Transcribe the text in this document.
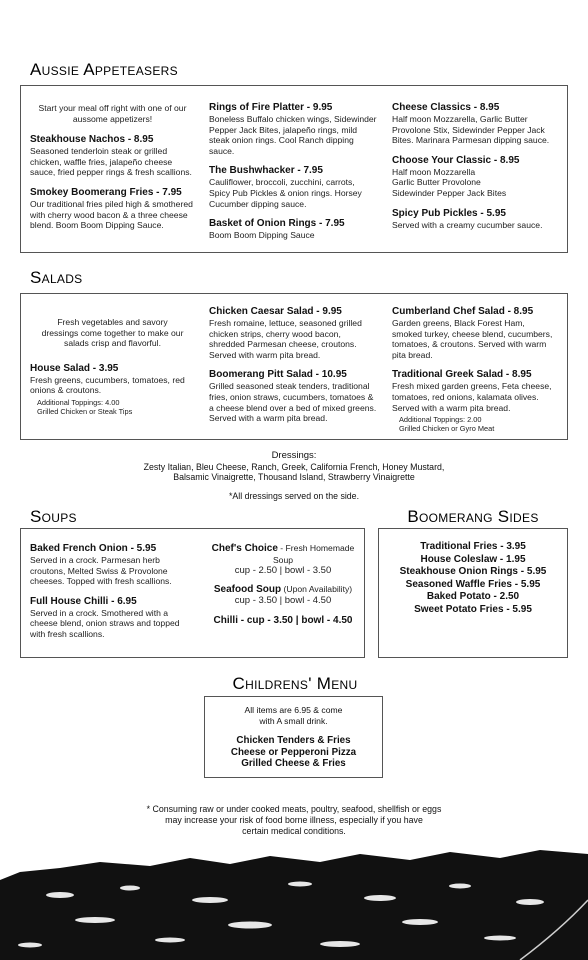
Aussie Appeteasers
Start your meal off right with one of our aussome appetizers!
Steakhouse Nachos - 8.95
Seasoned tenderloin steak or grilled chicken, waffle fries, jalapeño cheese sauce, fried pepper rings & fresh scallions.
Smokey Boomerang Fries - 7.95
Our traditional fries piled high & smothered with cherry wood bacon & a three cheese blend. Boom Boom Dipping Sauce.
Rings of Fire Platter - 9.95
Boneless Buffalo chicken wings, Sidewinder Pepper Jack Bites, jalapeño rings, mild steak onion rings. Cool Ranch dipping sauce.
The Bushwhacker - 7.95
Cauliflower, broccoli, zucchini, carrots, Spicy Pub Pickles & onion rings. Horsey Cucumber dipping sauce.
Basket of Onion Rings - 7.95
Boom Boom Dipping Sauce
Cheese Classics - 8.95
Half moon Mozzarella, Garlic Butter Provolone Stix, Sidewinder Pepper Jack Bites. Marinara Parmesan dipping sauce.
Choose Your Classic - 8.95
Half moon Mozzarella
Garlic Butter Provolone
Sidewinder Pepper Jack Bites
Spicy Pub Pickles - 5.95
Served with a creamy cucumber sauce.
Salads
Fresh vegetables and savory dressings come together to make our salads crisp and flavorful.
House Salad - 3.95
Fresh greens, cucumbers, tomatoes, red onions & croutons.
Additional Toppings: 4.00
Grilled Chicken or Steak Tips
Chicken Caesar Salad - 9.95
Fresh romaine, lettuce, seasoned grilled chicken strips, cherry wood bacon, shredded Parmesan cheese, croutons. Served with warm pita bread.
Boomerang Pitt Salad - 10.95
Grilled seasoned steak tenders, traditional fries, onion straws, cucumbers, tomatoes & a cheese blend over a bed of mixed greens. Served with a warm pita bread.
Cumberland Chef Salad - 8.95
Garden greens, Black Forest Ham, smoked turkey, cheese blend, cucumbers, tomatoes, & croutons. Served with warm pita bread.
Traditional Greek Salad - 8.95
Fresh mixed garden greens, Feta cheese, tomatoes, red onions, kalamata olives. Served with a warm pita bread.
Additional Toppings: 2.00
Grilled Chicken or Gyro Meat
Dressings:
Zesty Italian, Bleu Cheese, Ranch, Greek, California French, Honey Mustard,
Balsamic Vinaigrette, Thousand Island, Strawberry Vinaigrette
*All dressings served on the side.
Soups
Baked French Onion - 5.95
Served in a crock. Parmesan herb croutons, Melted Swiss & Provolone cheeses. Topped with fresh scallions.
Full House Chilli - 6.95
Served in a crock. Smothered with a cheese blend, onion straws and topped with fresh scallions.
Chef's Choice - Fresh Homemade Soup
cup - 2.50 | bowl - 3.50
Seafood Soup (Upon Availability)
cup - 3.50 | bowl - 4.50
Chilli - cup - 3.50 | bowl - 4.50
Boomerang Sides
Traditional Fries - 3.95
House Coleslaw - 1.95
Steakhouse Onion Rings - 5.95
Seasoned Waffle Fries - 5.95
Baked Potato - 2.50
Sweet Potato Fries - 5.95
Childrens' Menu
All items are 6.95 & come
with A small drink.
Chicken Tenders & Fries
Cheese or Pepperoni Pizza
Grilled Cheese & Fries
* Consuming raw or under cooked meats, poultry, seafood, shellfish or eggs
may increase your risk of food borne illness, especially if you have
certain medical conditions.
